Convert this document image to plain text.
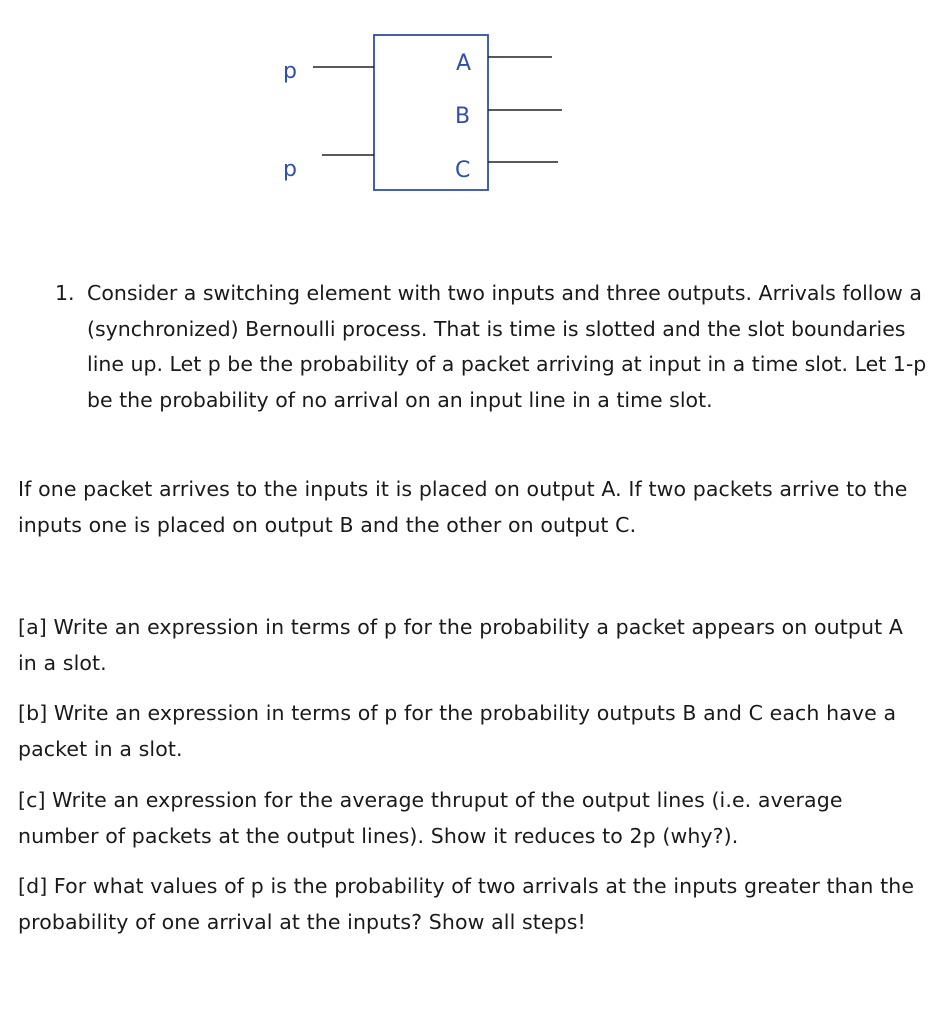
p
p
A
B
C
1. Consider a switching element with two inputs and three outputs. Arrivals follow a (synchronized) Bernoulli process. That is time is slotted and the slot boundaries line up. Let p be the probability of a packet arriving at input in a time slot. Let 1-p be the probability of no arrival on an input line in a time slot.

If one packet arrives to the inputs it is placed on output A. If two packets arrive to the inputs one is placed on output B and the other on output C.

[a] Write an expression in terms of p for the probability a packet appears on output A in a slot.

[b] Write an expression in terms of p for the probability outputs B and C each have a packet in a slot.

[c] Write an expression for the average thruput of the output lines (i.e. average number of packets at the output lines). Show it reduces to 2p (why?).

[d] For what values of p is the probability of two arrivals at the inputs greater than the probability of one arrival at the inputs? Show all steps!
